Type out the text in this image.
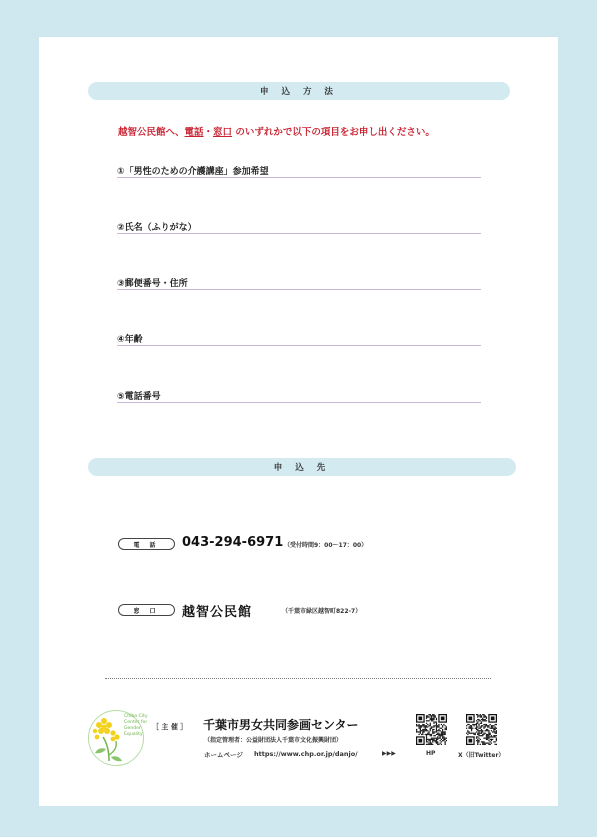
申 込 方 法
越智公民館へ、電話・窓口 のいずれかで以下の項目をお申し出ください。
①「男性のための介護講座」参加希望
②氏名（ふりがな）
③郵便番号・住所
④年齢
⑤電話番号
申 込 先
電 話	043-294-6971 （受付時間9：00～17：00）
窓 口	越智公民館	（千葉市緑区越智町822-7）
Chiba City
Center for
Gender
Equality
［ 主 催 ］ 千葉市男女共同参画センター
（指定管理者：公益財団法人千葉市文化振興財団）
ホームページ https://www.chp.or.jp/danjo/	▶▶▶	HP	X（旧Twitter）
